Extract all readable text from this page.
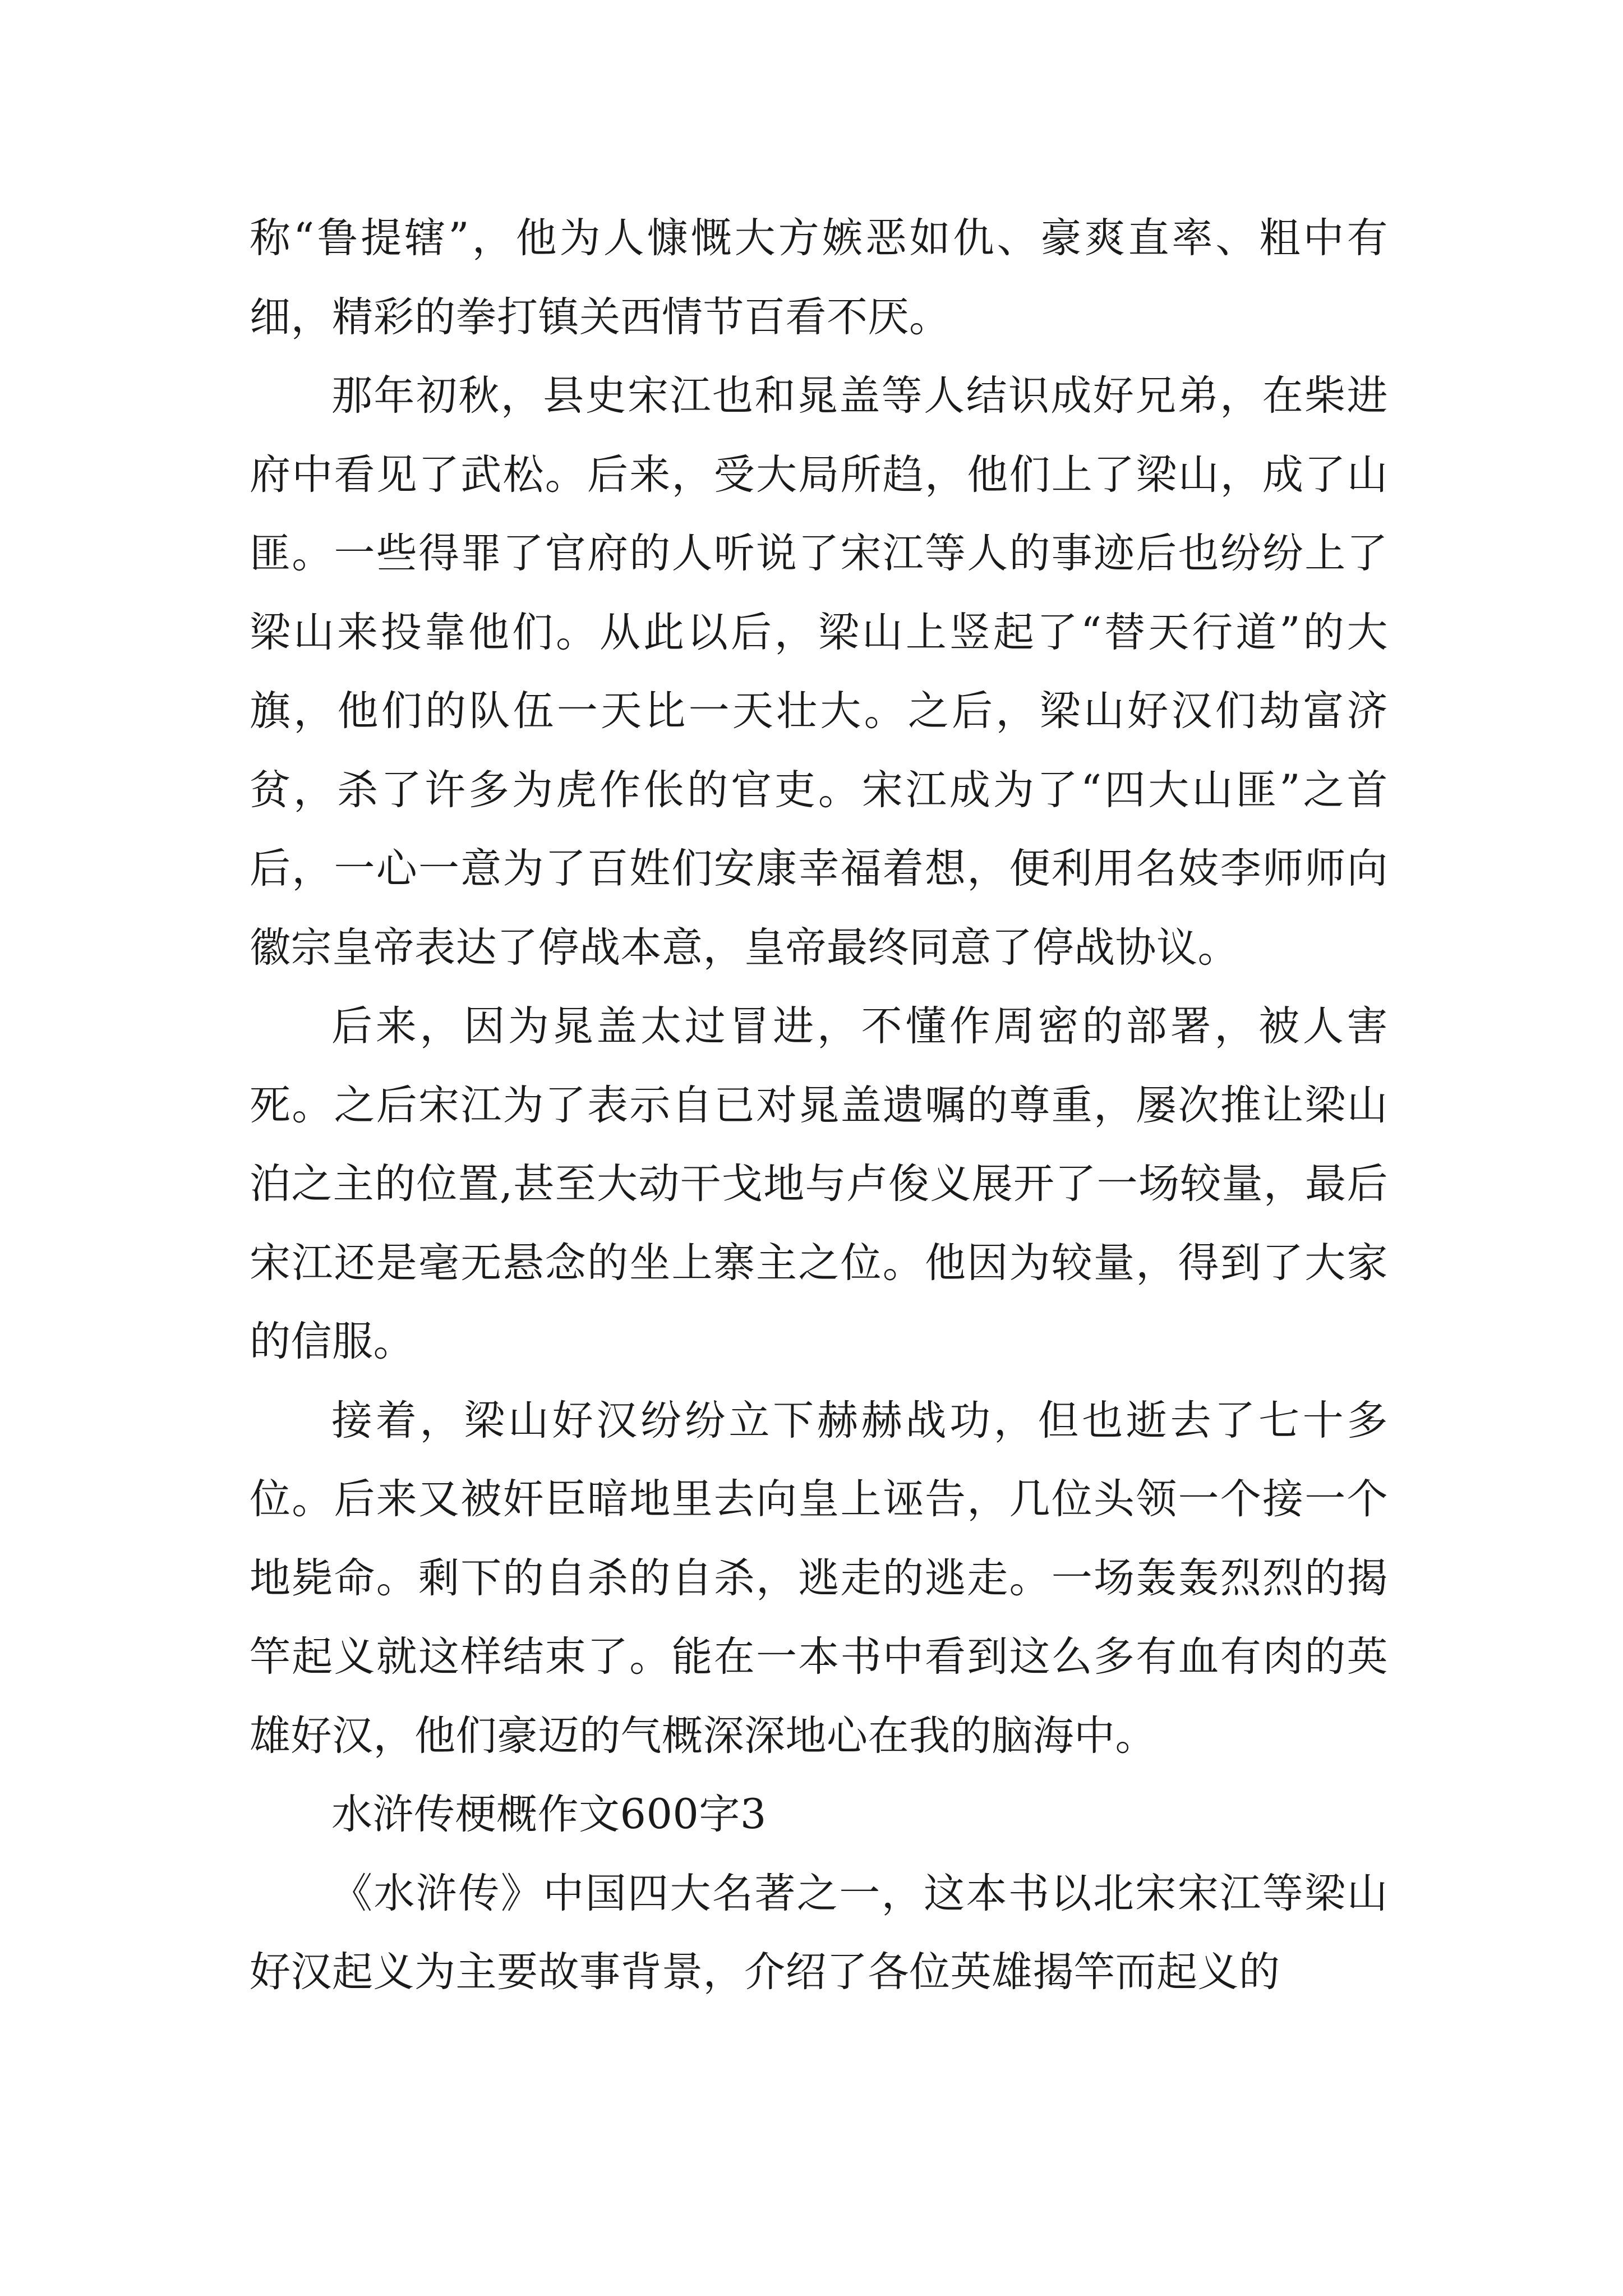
称“鲁提辖”，他为人慷慨大方嫉恶如仇、豪爽直率、粗中有细，精彩的拳打镇关西情节百看不厌。

那年初秋，县史宋江也和晁盖等人结识成好兄弟，在柴进府中看见了武松。后来，受大局所趋，他们上了梁山，成了山匪。一些得罪了官府的人听说了宋江等人的事迹后也纷纷上了梁山来投靠他们。从此以后，梁山上竖起了“替天行道”的大旗，他们的队伍一天比一天壮大。之后，梁山好汉们劫富济贫，杀了许多为虎作伥的官吏。宋江成为了“四大山匪”之首后，一心一意为了百姓们安康幸福着想，便利用名妓李师师向徽宗皇帝表达了停战本意，皇帝最终同意了停战协议。

后来，因为晁盖太过冒进，不懂作周密的部署，被人害死。之后宋江为了表示自已对晁盖遗嘱的尊重，屡次推让梁山泊之主的位置,甚至大动干戈地与卢俊义展开了一场较量，最后宋江还是毫无悬念的坐上寨主之位。他因为较量，得到了大家的信服。

接着，梁山好汉纷纷立下赫赫战功，但也逝去了七十多位。后来又被奸臣暗地里去向皇上诬告，几位头领一个接一个地毙命。剩下的自杀的自杀，逃走的逃走。一场轰轰烈烈的揭竿起义就这样结束了。能在一本书中看到这么多有血有肉的英雄好汉，他们豪迈的气概深深地心在我的脑海中。

水浒传梗概作文600字3

《水浒传》中国四大名著之一，这本书以北宋宋江等梁山好汉起义为主要故事背景，介绍了各位英雄揭竿而起义的
